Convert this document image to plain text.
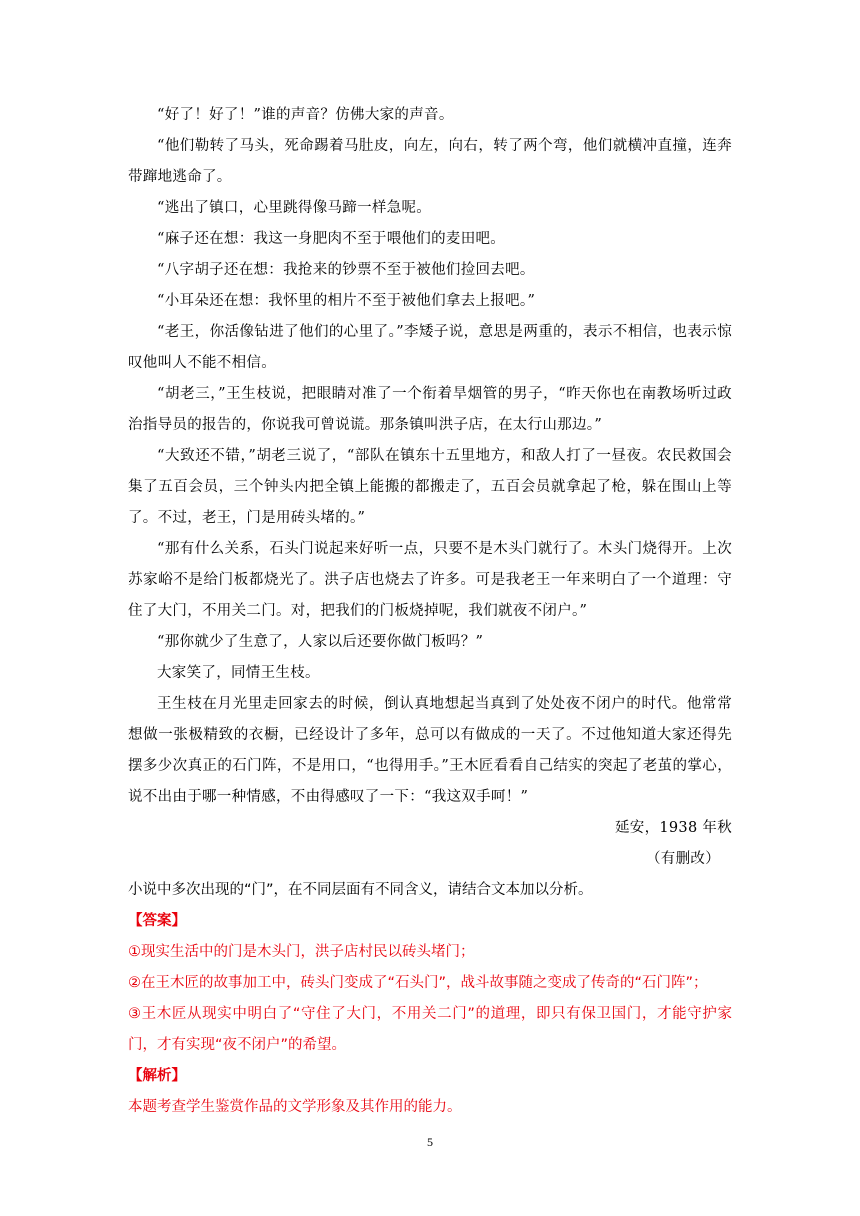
“好了！好了！”谁的声音？仿佛大家的声音。

“他们勒转了马头，死命踢着马肚皮，向左，向右，转了两个弯，他们就横冲直撞，连奔带蹿地逃命了。

“逃出了镇口，心里跳得像马蹄一样急呢。

“麻子还在想：我这一身肥肉不至于喂他们的麦田吧。

“八字胡子还在想：我抢来的钞票不至于被他们捡回去吧。

“小耳朵还在想：我怀里的相片不至于被他们拿去上报吧。”

“老王，你活像钻进了他们的心里了。”李矮子说，意思是两重的，表示不相信，也表示惊叹他叫人不能不相信。

“胡老三，”王生枝说，把眼睛对准了一个衔着旱烟管的男子，“昨天你也在南教场听过政治指导员的报告的，你说我可曾说谎。那条镇叫洪子店，在太行山那边。”

“大致还不错，”胡老三说了，“部队在镇东十五里地方，和敌人打了一昼夜。农民救国会集了五百会员，三个钟头内把全镇上能搬的都搬走了，五百会员就拿起了枪，躲在围山上等了。不过，老王，门是用砖头堵的。”

“那有什么关系，石头门说起来好听一点，只要不是木头门就行了。木头门烧得开。上次苏家峪不是给门板都烧光了。洪子店也烧去了许多。可是我老王一年来明白了一个道理：守住了大门，不用关二门。对，把我们的门板烧掉呢，我们就夜不闭户。”

“那你就少了生意了，人家以后还要你做门板吗？”

大家笑了，同情王生枝。

王生枝在月光里走回家去的时候，倒认真地想起当真到了处处夜不闭户的时代。他常常想做一张极精致的衣橱，已经设计了多年，总可以有做成的一天了。不过他知道大家还得先摆多少次真正的石门阵，不是用口，“也得用手。”王木匠看看自己结实的突起了老茧的掌心，说不出由于哪一种情感，不由得感叹了一下：“我这双手呵！”

延安，1938 年秋

（有删改）

小说中多次出现的“门”，在不同层面有不同含义，请结合文本加以分析。

【答案】

①现实生活中的门是木头门，洪子店村民以砖头堵门；

②在王木匠的故事加工中，砖头门变成了“石头门”，战斗故事随之变成了传奇的“石门阵”；

③王木匠从现实中明白了“守住了大门，不用关二门”的道理，即只有保卫国门，才能守护家门，才有实现“夜不闭户”的希望。

【解析】

本题考查学生鉴赏作品的文学形象及其作用的能力。

5
